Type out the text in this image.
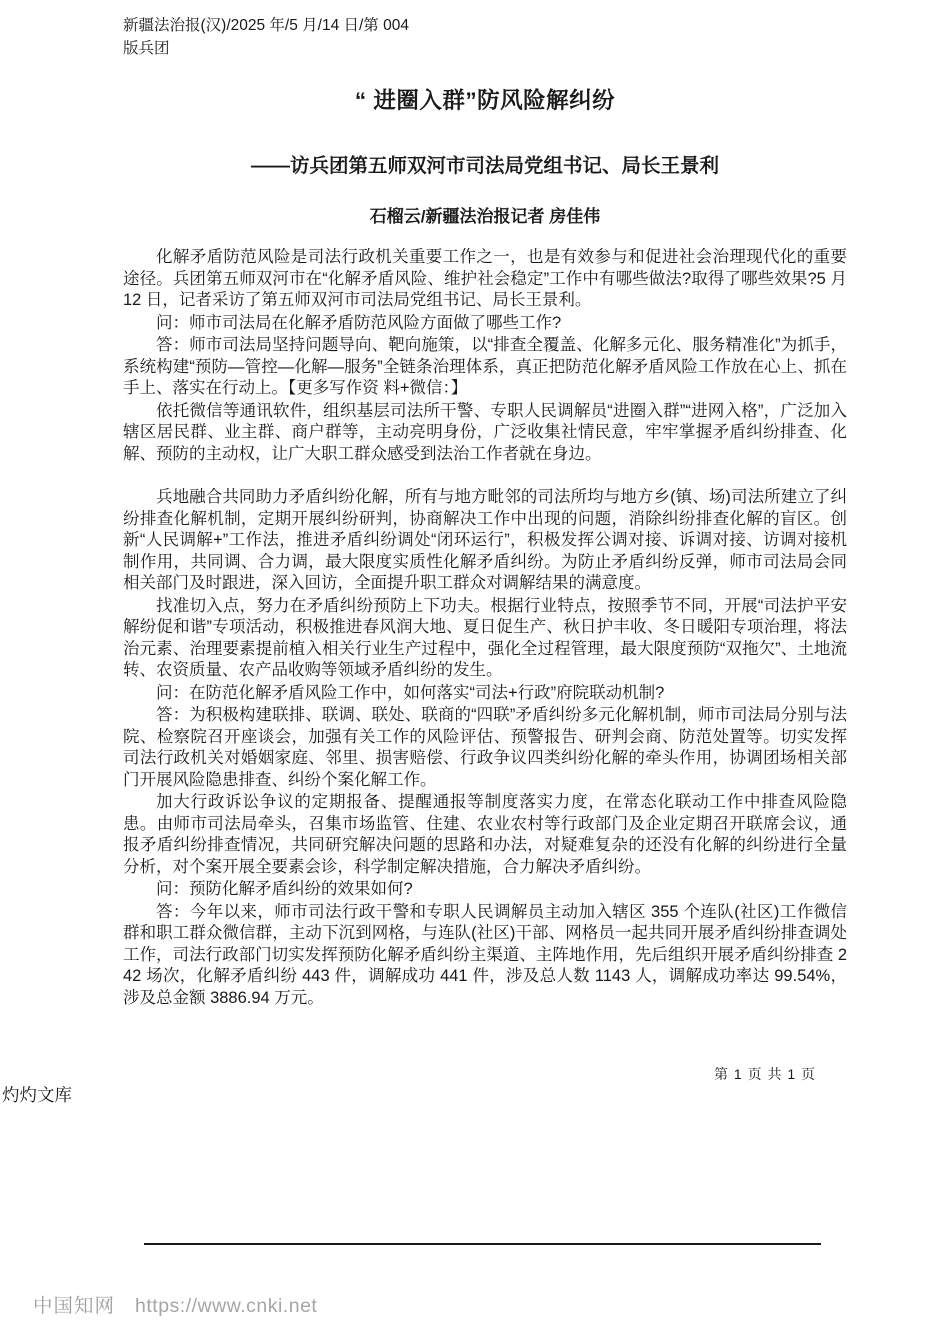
新疆法治报(汉)/2025 年/5 月/14 日/第 004
版兵团
“ 进圈入群”防风险解纠纷
——访兵团第五师双河市司法局党组书记、局长王景利
石榴云/新疆法治报记者 房佳伟

化解矛盾防范风险是司法行政机关重要工作之一，也是有效参与和促进社会治理现代化的重要途径。兵团第五师双河市在“化解矛盾风险、维护社会稳定”工作中有哪些做法?取得了哪些效果?5 月 12 日，记者采访了第五师双河市司法局党组书记、局长王景利。

问：师市司法局在化解矛盾防范风险方面做了哪些工作?

答：师市司法局坚持问题导向、靶向施策，以“排查全覆盖、化解多元化、服务精准化”为抓手，系统构建“预防—管控—化解—服务”全链条治理体系，真正把防范化解矛盾风险工作放在心上、抓在手上、落实在行动上。【更多写作资 料+微信：】

依托微信等通讯软件，组织基层司法所干警、专职人民调解员“进圈入群”“进网入格”，广泛加入辖区居民群、业主群、商户群等，主动亮明身份，广泛收集社情民意，牢牢掌握矛盾纠纷排查、化解、预防的主动权，让广大职工群众感受到法治工作者就在身边。

兵地融合共同助力矛盾纠纷化解，所有与地方毗邻的司法所均与地方乡(镇、场)司法所建立了纠纷排查化解机制，定期开展纠纷研判，协商解决工作中出现的问题，消除纠纷排查化解的盲区。创新“人民调解+”工作法，推进矛盾纠纷调处“闭环运行”，积极发挥公调对接、诉调对接、访调对接机制作用，共同调、合力调，最大限度实质性化解矛盾纠纷。为防止矛盾纠纷反弹，师市司法局会同相关部门及时跟进，深入回访，全面提升职工群众对调解结果的满意度。

找准切入点，努力在矛盾纠纷预防上下功夫。根据行业特点，按照季节不同，开展“司法护平安解纷促和谐”专项活动，积极推进春风润大地、夏日促生产、秋日护丰收、冬日暖阳专项治理，将法治元素、治理要素提前植入相关行业生产过程中，强化全过程管理，最大限度预防“双拖欠”、土地流转、农资质量、农产品收购等领域矛盾纠纷的发生。

问：在防范化解矛盾风险工作中，如何落实“司法+行政”府院联动机制?

答：为积极构建联排、联调、联处、联商的“四联”矛盾纠纷多元化解机制，师市司法局分别与法院、检察院召开座谈会，加强有关工作的风险评估、预警报告、研判会商、防范处置等。切实发挥司法行政机关对婚姻家庭、邻里、损害赔偿、行政争议四类纠纷化解的牵头作用，协调团场相关部门开展风险隐患排查、纠纷个案化解工作。

加大行政诉讼争议的定期报备、提醒通报等制度落实力度，在常态化联动工作中排查风险隐患。由师市司法局牵头，召集市场监管、住建、农业农村等行政部门及企业定期召开联席会议，通报矛盾纠纷排查情况，共同研究解决问题的思路和办法，对疑难复杂的还没有化解的纠纷进行全量分析，对个案开展全要素会诊，科学制定解决措施，合力解决矛盾纠纷。

问：预防化解矛盾纠纷的效果如何?

答：今年以来，师市司法行政干警和专职人民调解员主动加入辖区 355 个连队(社区)工作微信群和职工群众微信群，主动下沉到网格，与连队(社区)干部、网格员一起共同开展矛盾纠纷排查调处工作，司法行政部门切实发挥预防化解矛盾纠纷主渠道、主阵地作用，先后组织开展矛盾纠纷排查 242 场次，化解矛盾纠纷 443 件，调解成功 441 件，涉及总人数 1143 人，调解成功率达 99.54%，涉及总金额 3886.94 万元。

第 1 页 共 1 页
灼灼文库
中国知网 https://www.cnki.net
